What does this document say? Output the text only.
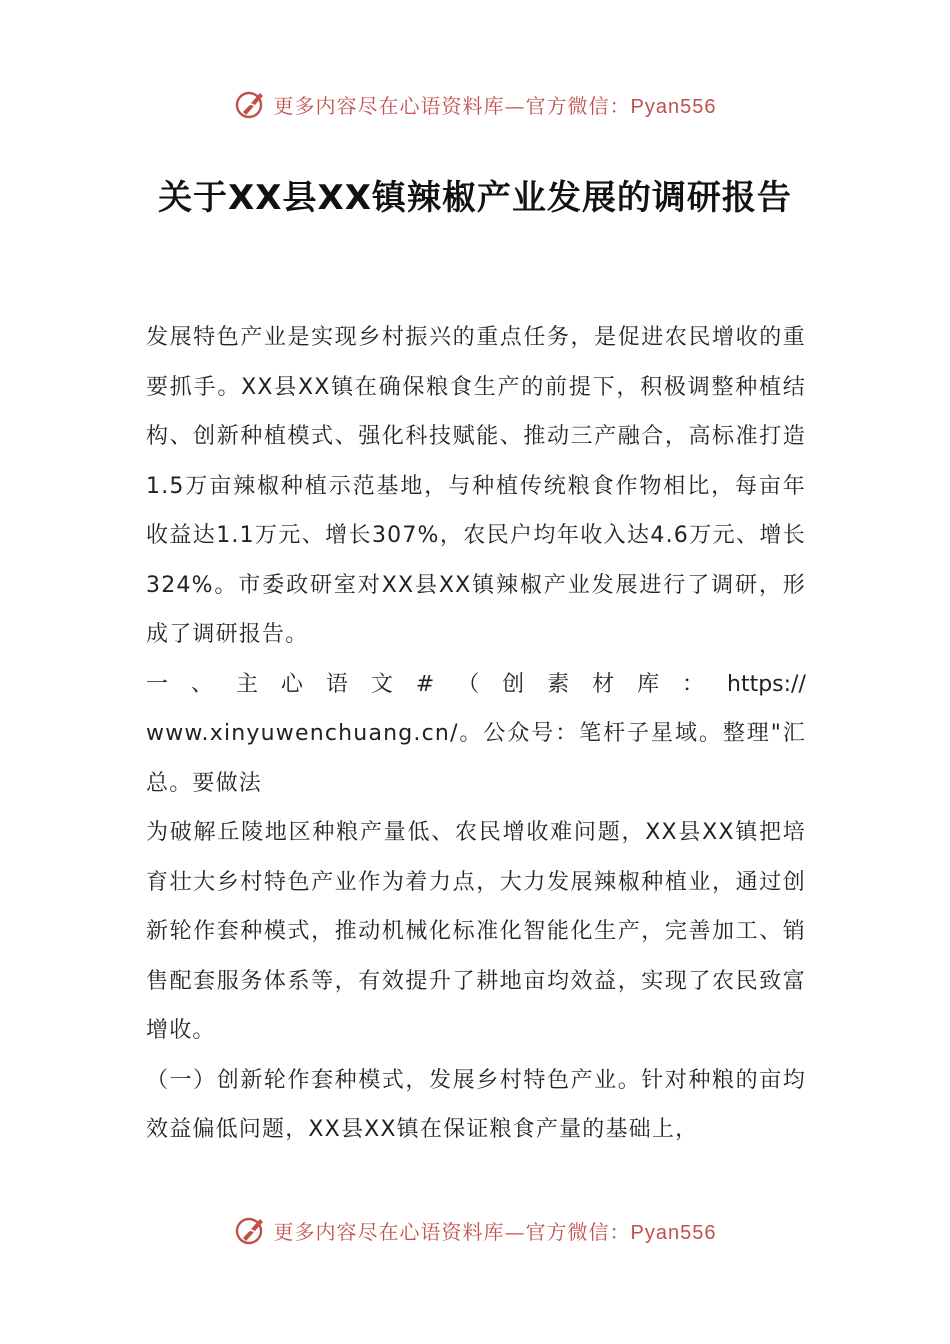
更多内容尽在心语资料库—官方微信：Pyan556
关于XX县XX镇辣椒产业发展的调研报告

发展特色产业是实现乡村振兴的重点任务，是促进农民增收的重要抓手。XX县XX镇在确保粮食生产的前提下，积极调整种植结构、创新种植模式、强化科技赋能、推动三产融合，高标准打造1.5万亩辣椒种植示范基地，与种植传统粮食作物相比，每亩年收益达1.1万元、增长307%，农民户均年收入达4.6万元、增长324%。市委政研室对XX县XX镇辣椒产业发展进行了调研，形成了调研报告。

一 、 主 心 语 文 # （ 创 素 材 库 ： https://

www.xinyuwenchuang.cn/。公众号：笔杆子星域。整理"汇总。要做法

为破解丘陵地区种粮产量低、农民增收难问题，XX县XX镇把培育壮大乡村特色产业作为着力点，大力发展辣椒种植业，通过创新轮作套种模式，推动机械化标准化智能化生产，完善加工、销售配套服务体系等，有效提升了耕地亩均效益，实现了农民致富增收。

（一）创新轮作套种模式，发展乡村特色产业。针对种粮的亩均效益偏低问题，XX县XX镇在保证粮食产量的基础上，

更多内容尽在心语资料库—官方微信：Pyan556
